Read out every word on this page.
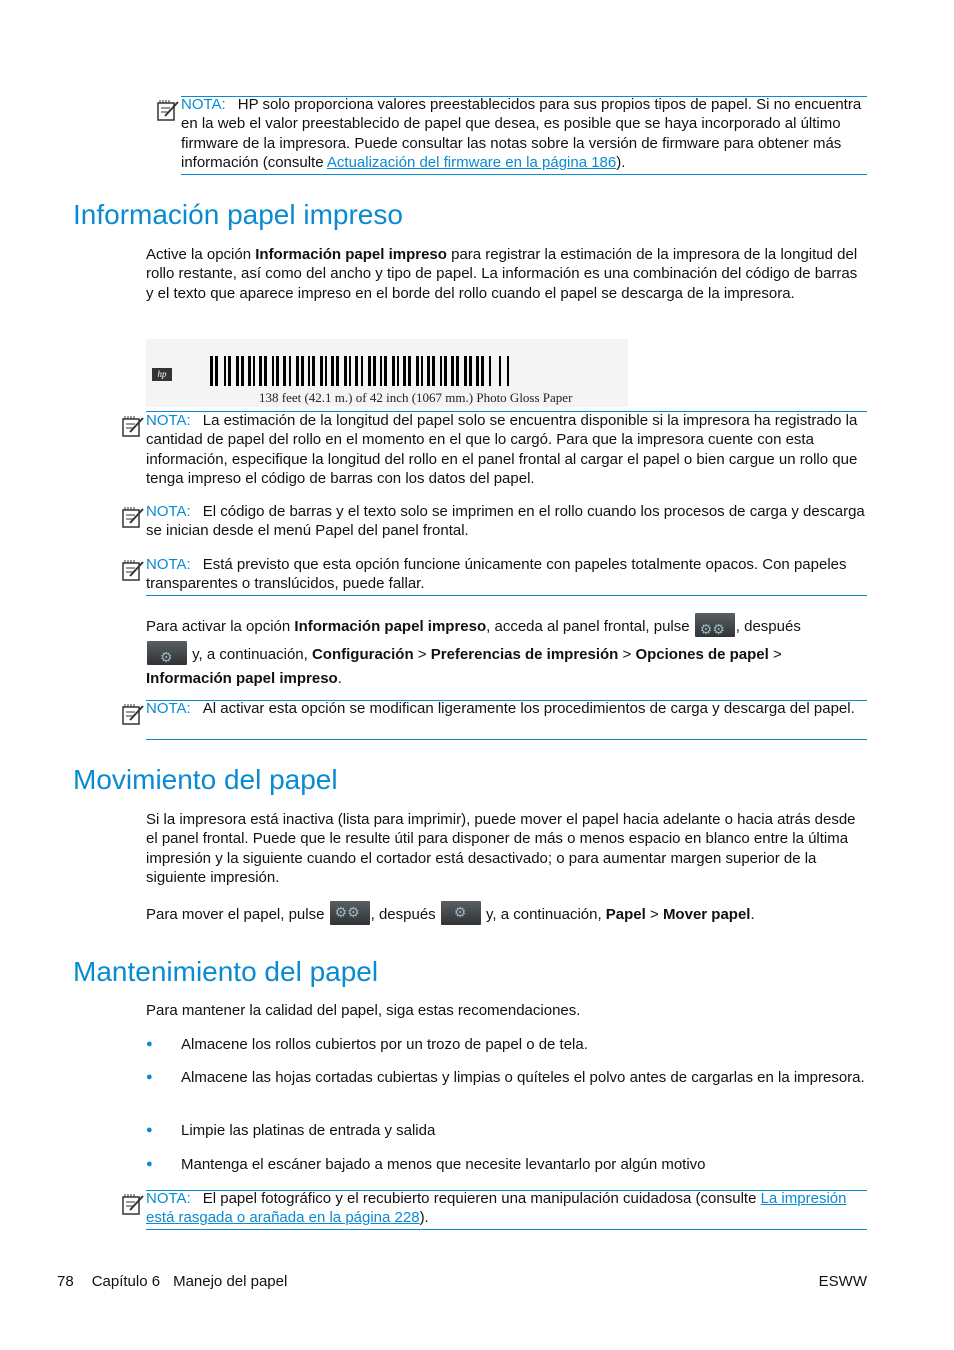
NOTA: HP solo proporciona valores preestablecidos para sus propios tipos de papel. Si no encuentra en la web el valor preestablecido de papel que desea, es posible que se haya incorporado al último firmware de la impresora. Puede consultar las notas sobre la versión de firmware para obtener más información (consulte Actualización del firmware en la página 186).
Información papel impreso
Active la opción Información papel impreso para registrar la estimación de la impresora de la longitud del rollo restante, así como del ancho y tipo de papel. La información es una combinación del código de barras y el texto que aparece impreso en el borde del rollo cuando el papel se descarga de la impresora.
hp
138 feet (42.1 m.) of 42 inch (1067 mm.) Photo Gloss Paper
NOTA: La estimación de la longitud del papel solo se encuentra disponible si la impresora ha registrado la cantidad de papel del rollo en el momento en el que lo cargó. Para que la impresora cuente con esta información, especifique la longitud del rollo en el panel frontal al cargar el papel o bien cargue un rollo que tenga impreso el código de barras con los datos del papel.
NOTA: El código de barras y el texto solo se imprimen en el rollo cuando los procesos de carga y descarga se inician desde el menú Papel del panel frontal.
NOTA: Está previsto que esta opción funcione únicamente con papeles totalmente opacos. Con papeles transparentes o translúcidos, puede fallar.
Para activar la opción Información papel impreso, acceda al panel frontal, pulse ⚙⚙ , después

⚙ y, a continuación, Configuración > Preferencias de impresión > Opciones de papel >
Información papel impreso.
NOTA: Al activar esta opción se modifican ligeramente los procedimientos de carga y descarga del papel.
Movimiento del papel
Si la impresora está inactiva (lista para imprimir), puede mover el papel hacia adelante o hacia atrás desde el panel frontal. Puede que le resulte útil para disponer de más o menos espacio en blanco entre la última impresión y la siguiente cuando el cortador está desactivado; o para aumentar margen superior de la siguiente impresión.
Para mover el papel, pulse ⚙⚙ , después ⚙ y, a continuación, Papel > Mover papel.
Mantenimiento del papel
Para mantener la calidad del papel, siga estas recomendaciones.
● Almacene los rollos cubiertos por un trozo de papel o de tela.
● Almacene las hojas cortadas cubiertas y limpias o quíteles el polvo antes de cargarlas en la impresora.
● Limpie las platinas de entrada y salida
● Mantenga el escáner bajado a menos que necesite levantarlo por algún motivo
NOTA: El papel fotográfico y el recubierto requieren una manipulación cuidadosa (consulte La impresión está rasgada o arañada en la página 228).
78 Capítulo 6 Manejo del papel	ESWW
